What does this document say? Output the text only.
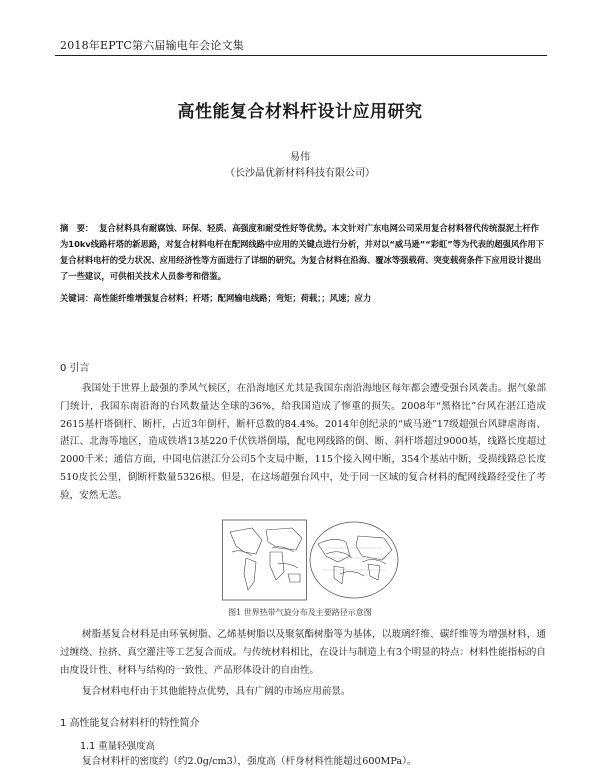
2018年EPTC第六届输电年会论文集
高性能复合材料杆设计应用研究
易伟
（长沙晶优新材料科技有限公司）
摘　要： 复合材料具有耐腐蚀、环保、轻质、高强度和耐受性好等优势。本文针对广东电网公司采用复合材料替代传统混泥土杆作为10kv线路杆塔的新思路，对复合材料电杆在配网线路中应用的关键点进行分析，并对以“威马逊”“彩虹”等为代表的超强风作用下复合材料电杆的受力状况、应用经济性等方面进行了详细的研究。为复合材料在沿海、覆冰等强载荷、突变载荷条件下应用设计提出了一些建议，可供相关技术人员参考和借鉴。
关键词：高性能纤维增强复合材料；杆塔；配网输电线路；弯矩；荷载；；风速；应力
0 引言
我国处于世界上最强的季风气候区，在沿海地区尤其是我国东南沿海地区每年都会遭受强台风袭击。据气象部门统计，我国东南沿海的台风数量达全球的36%，给我国造成了惨重的损失。2008年“黑格比”台风在湛江造成2615基杆塔倒杆、断杆，占近3年倒杆、断杆总数的84.4%。2014年创纪录的“威马逊”17级超强台风肆虐海南、湛江、北海等地区，造成铁塔13基220千伏铁塔倒塌，配电网线路的倒、断、斜杆塔超过9000基，线路长度超过2000千米；通信方面，中国电信湛江分公司5个支局中断，115个接入网中断，354个基站中断，受损线路总长度510皮长公里，倒断杆数量5326根。但是，在这场超强台风中，处于同一区域的复合材料的配网线路经受住了考验，安然无恙。
图1 世界热带气旋分布及主要路径示意图
树脂基复合材料是由环氧树脂、乙烯基树脂以及聚氨酯树脂等为基体，以玻璃纤维、碳纤维等为增强材料，通过缠绕、拉挤、真空灌注等工艺复合而成。与传统材料相比，在设计与制造上有3个明显的特点：材料性能指标的自由度设计性、材料与结构的一致性、产品形体设计的自由性。
复合材料电杆由于其他能特点优势，具有广阔的市场应用前景。
1 高性能复合材料杆的特性简介
1.1 重量轻强度高
复合材料杆的密度约（约2.0g/cm3），强度高（杆身材料性能超过600MPa）。
